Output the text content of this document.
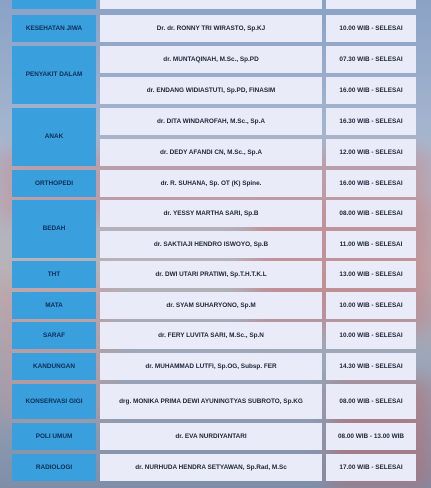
KESEHATAN JIWA	Dr. dr. RONNY TRI WIRASTO, Sp.KJ	10.00 WIB - SELESAI
PENYAKIT DALAM
dr. MUNTAQINAH, M.Sc., Sp.PD	07.30 WIB - SELESAI
dr. ENDANG WIDIASTUTI, Sp.PD, FINASIM	16.00 WIB - SELESAI
ANAK
dr. DITA WINDAROFAH, M.Sc., Sp.A	16.30 WIB - SELESAI
dr. DEDY AFANDI CN, M.Sc., Sp.A	12.00 WIB - SELESAI
ORTHOPEDI	dr. R. SUHANA, Sp. OT (K) Spine.	16.00 WIB - SELESAI
BEDAH
dr. YESSY MARTHA SARI, Sp.B	08.00 WIB - SELESAI
dr. SAKTIAJI HENDRO ISWOYO, Sp.B	11.00 WIB - SELESAI
THT	dr. DWI UTARI PRATIWI, Sp.T.H.T.K.L	13.00 WIB - SELESAI
MATA	dr. SYAM SUHARYONO, Sp.M	10.00 WIB - SELESAI
SARAF	dr. FERY LUVITA SARI, M.Sc., Sp.N	10.00 WIB - SELESAI
KANDUNGAN	dr. MUHAMMAD LUTFI, Sp.OG, Subsp. FER	14.30 WIB - SELESAI
KONSERVASI GIGI	drg. MONIKA PRIMA DEWI AYUNINGTYAS SUBROTO, Sp.KG	08.00 WIB - SELESAI
POLI UMUM	dr. EVA NURDIYANTARI	08.00 WIB - 13.00 WIB
RADIOLOGI	dr. NURHUDA HENDRA SETYAWAN, Sp.Rad, M.Sc	17.00 WIB - SELESAI
